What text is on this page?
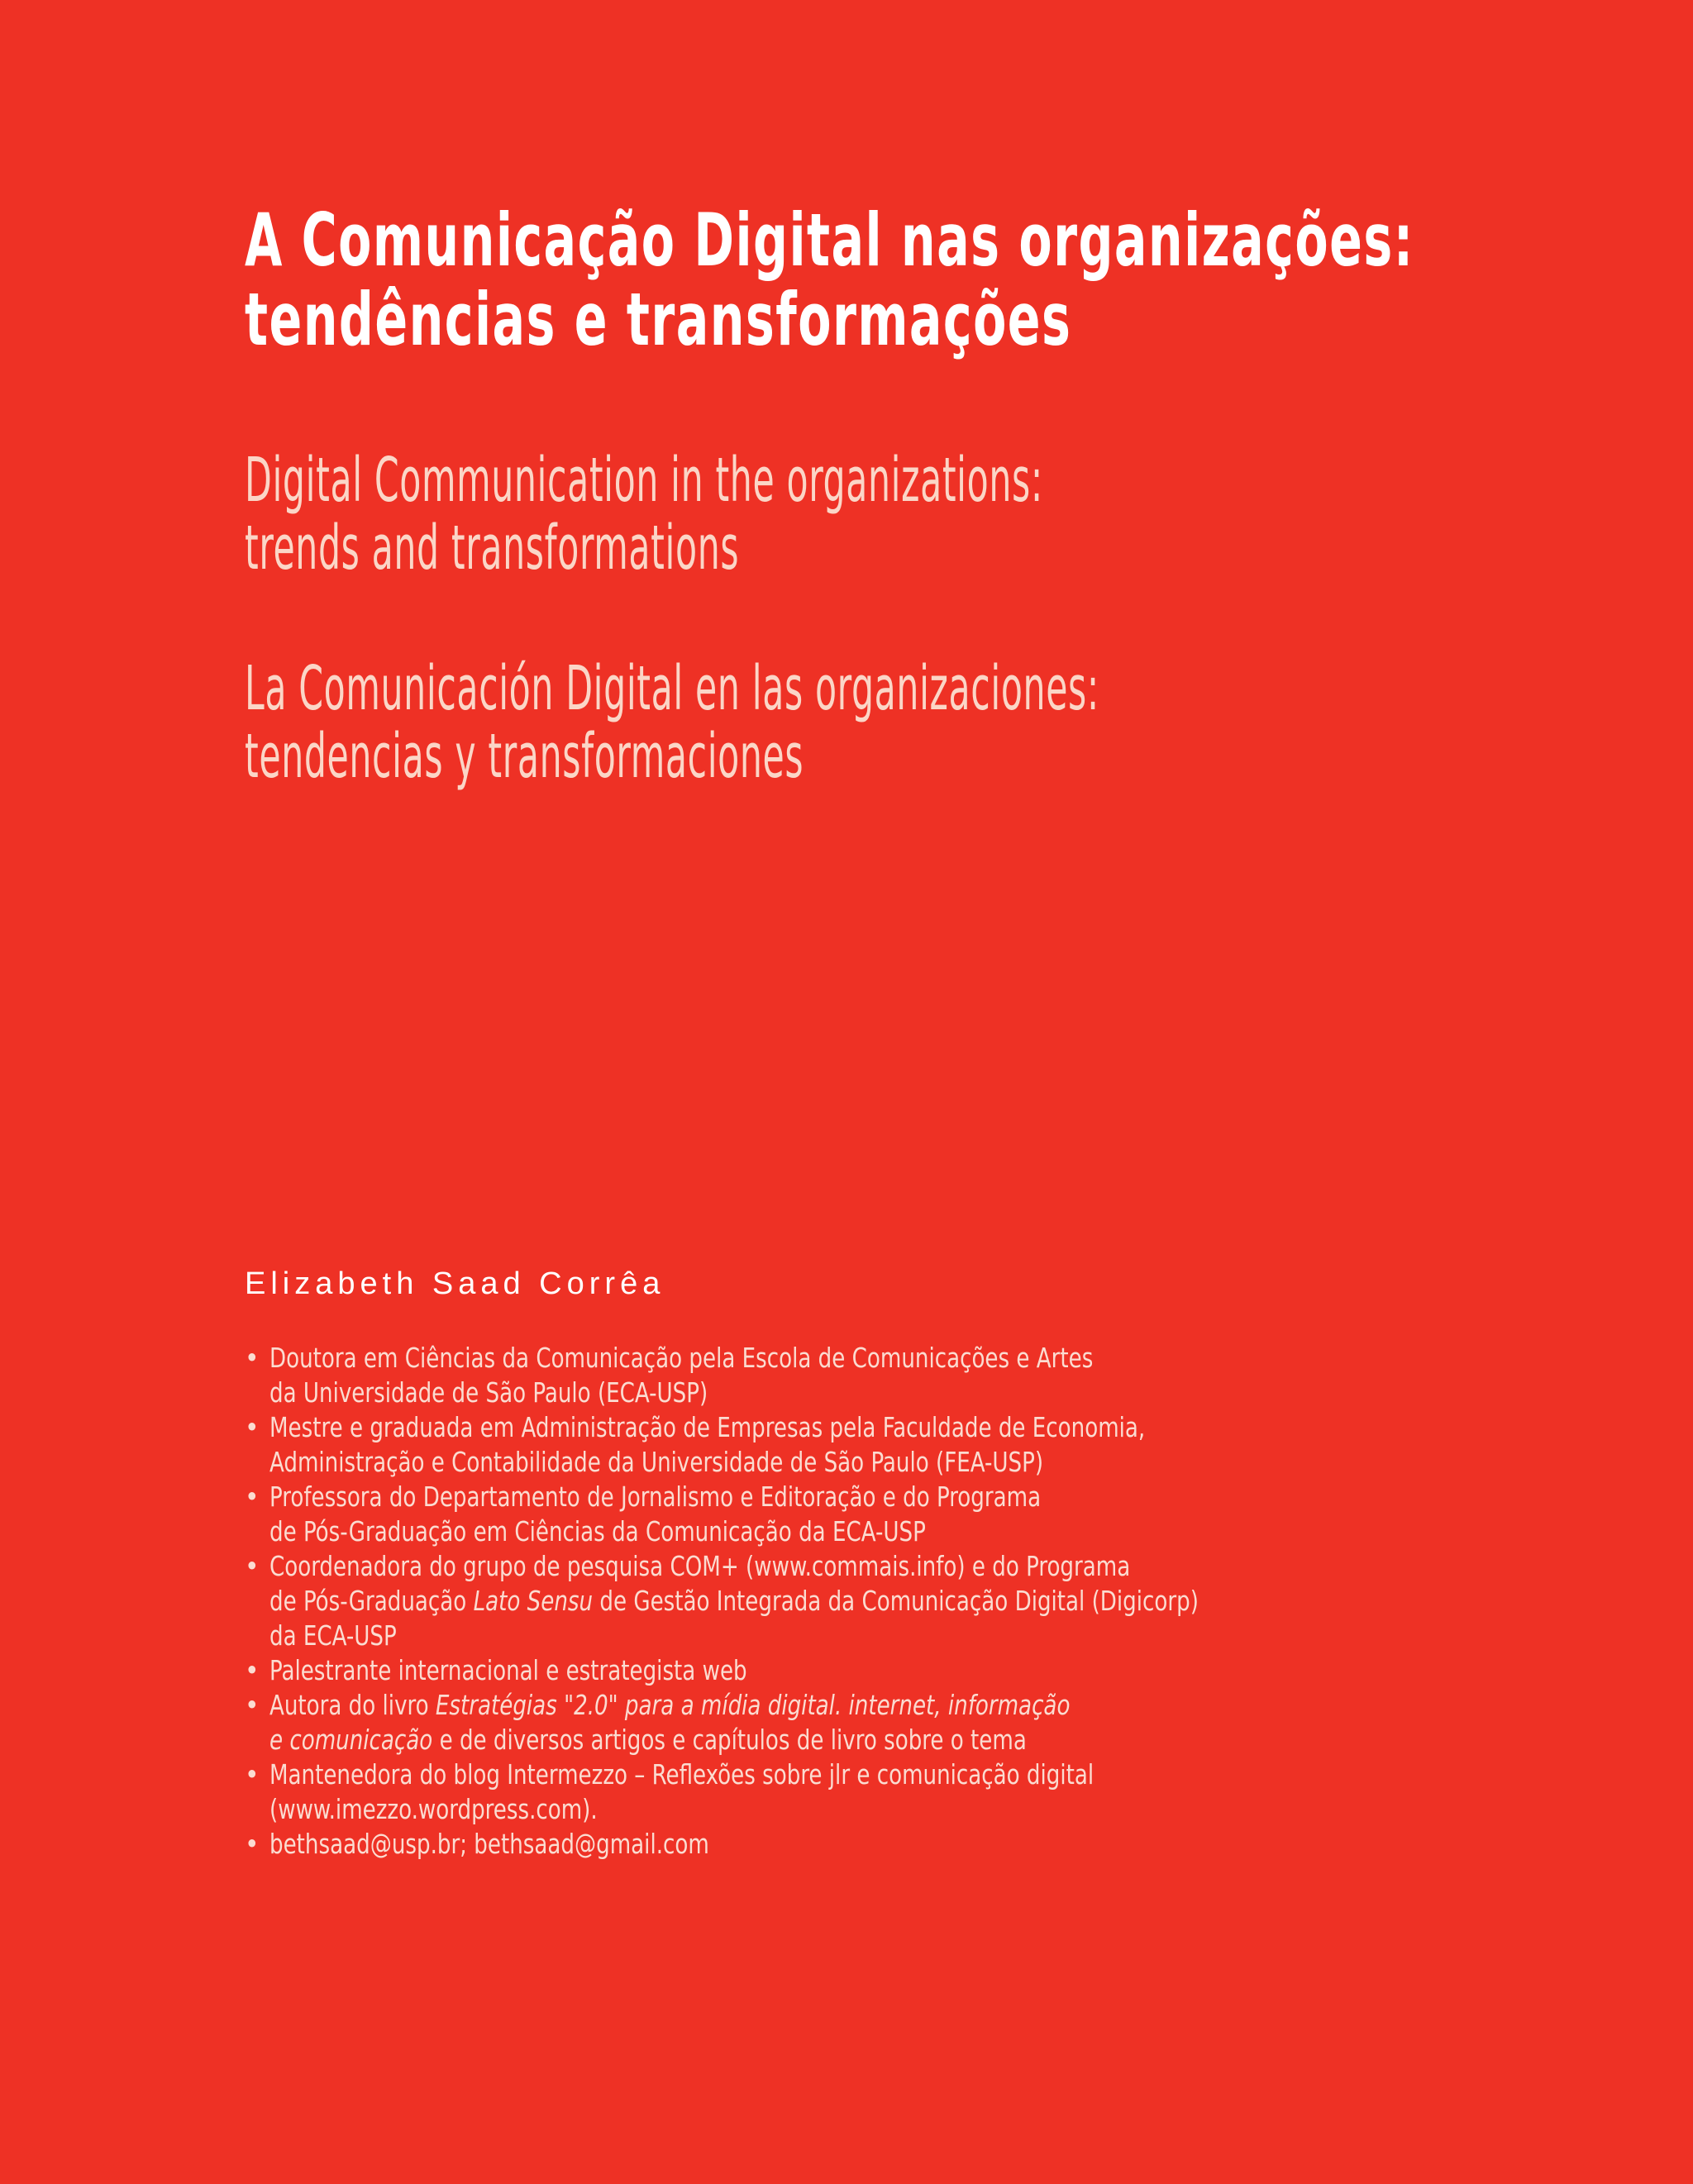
A Comunicação Digital nas organizações:
tendências e transformações
Digital Communication in the organizations:
trends and transformations
La Comunicación Digital en las organizaciones:
tendencias y transformaciones
Elizabeth Saad Corrêa
• Doutora em Ciências da Comunicação pela Escola de Comunicações e Artes
da Universidade de São Paulo (ECA-USP)
• Mestre e graduada em Administração de Empresas pela Faculdade de Economia,
Administração e Contabilidade da Universidade de São Paulo (FEA-USP)
• Professora do Departamento de Jornalismo e Editoração e do Programa
de Pós-Graduação em Ciências da Comunicação da ECA-USP
• Coordenadora do grupo de pesquisa COM+ (www.commais.info) e do Programa
de Pós-Graduação Lato Sensu de Gestão Integrada da Comunicação Digital (Digicorp)
da ECA-USP
• Palestrante internacional e estrategista web
• Autora do livro Estratégias "2.0" para a mídia digital. internet, informação
e comunicação e de diversos artigos e capítulos de livro sobre o tema
• Mantenedora do blog Intermezzo – Reflexões sobre jlr e comunicação digital
(www.imezzo.wordpress.com).
• bethsaad@usp.br; bethsaad@gmail.com
